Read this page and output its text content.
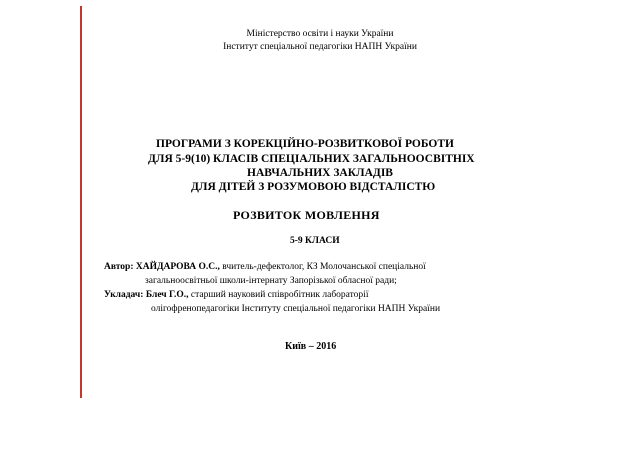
Міністерство освіти і науки України
Інститут спеціальної педагогіки НАПН України
ПРОГРАМИ З КОРЕКЦІЙНО-РОЗВИТКОВОЇ РОБОТИ
ДЛЯ 5-9(10) КЛАСІВ СПЕЦІАЛЬНИХ ЗАГАЛЬНООСВІТНІХ
НАВЧАЛЬНИХ ЗАКЛАДІВ
ДЛЯ ДІТЕЙ З РОЗУМОВОЮ ВІДСТАЛІСТЮ
РОЗВИТОК МОВЛЕННЯ
5-9 КЛАСИ
Автор: ХАЙДАРОВА О.С., вчитель-дефектолог, КЗ Молочанської спеціальної
загальноосвітньої школи-інтернату Запорізької обласної ради;
Укладач: Блеч Г.О., старший науковий співробітник лабораторії
олігофренопедагогіки Інституту спеціальної педагогіки НАПН України
Київ – 2016
